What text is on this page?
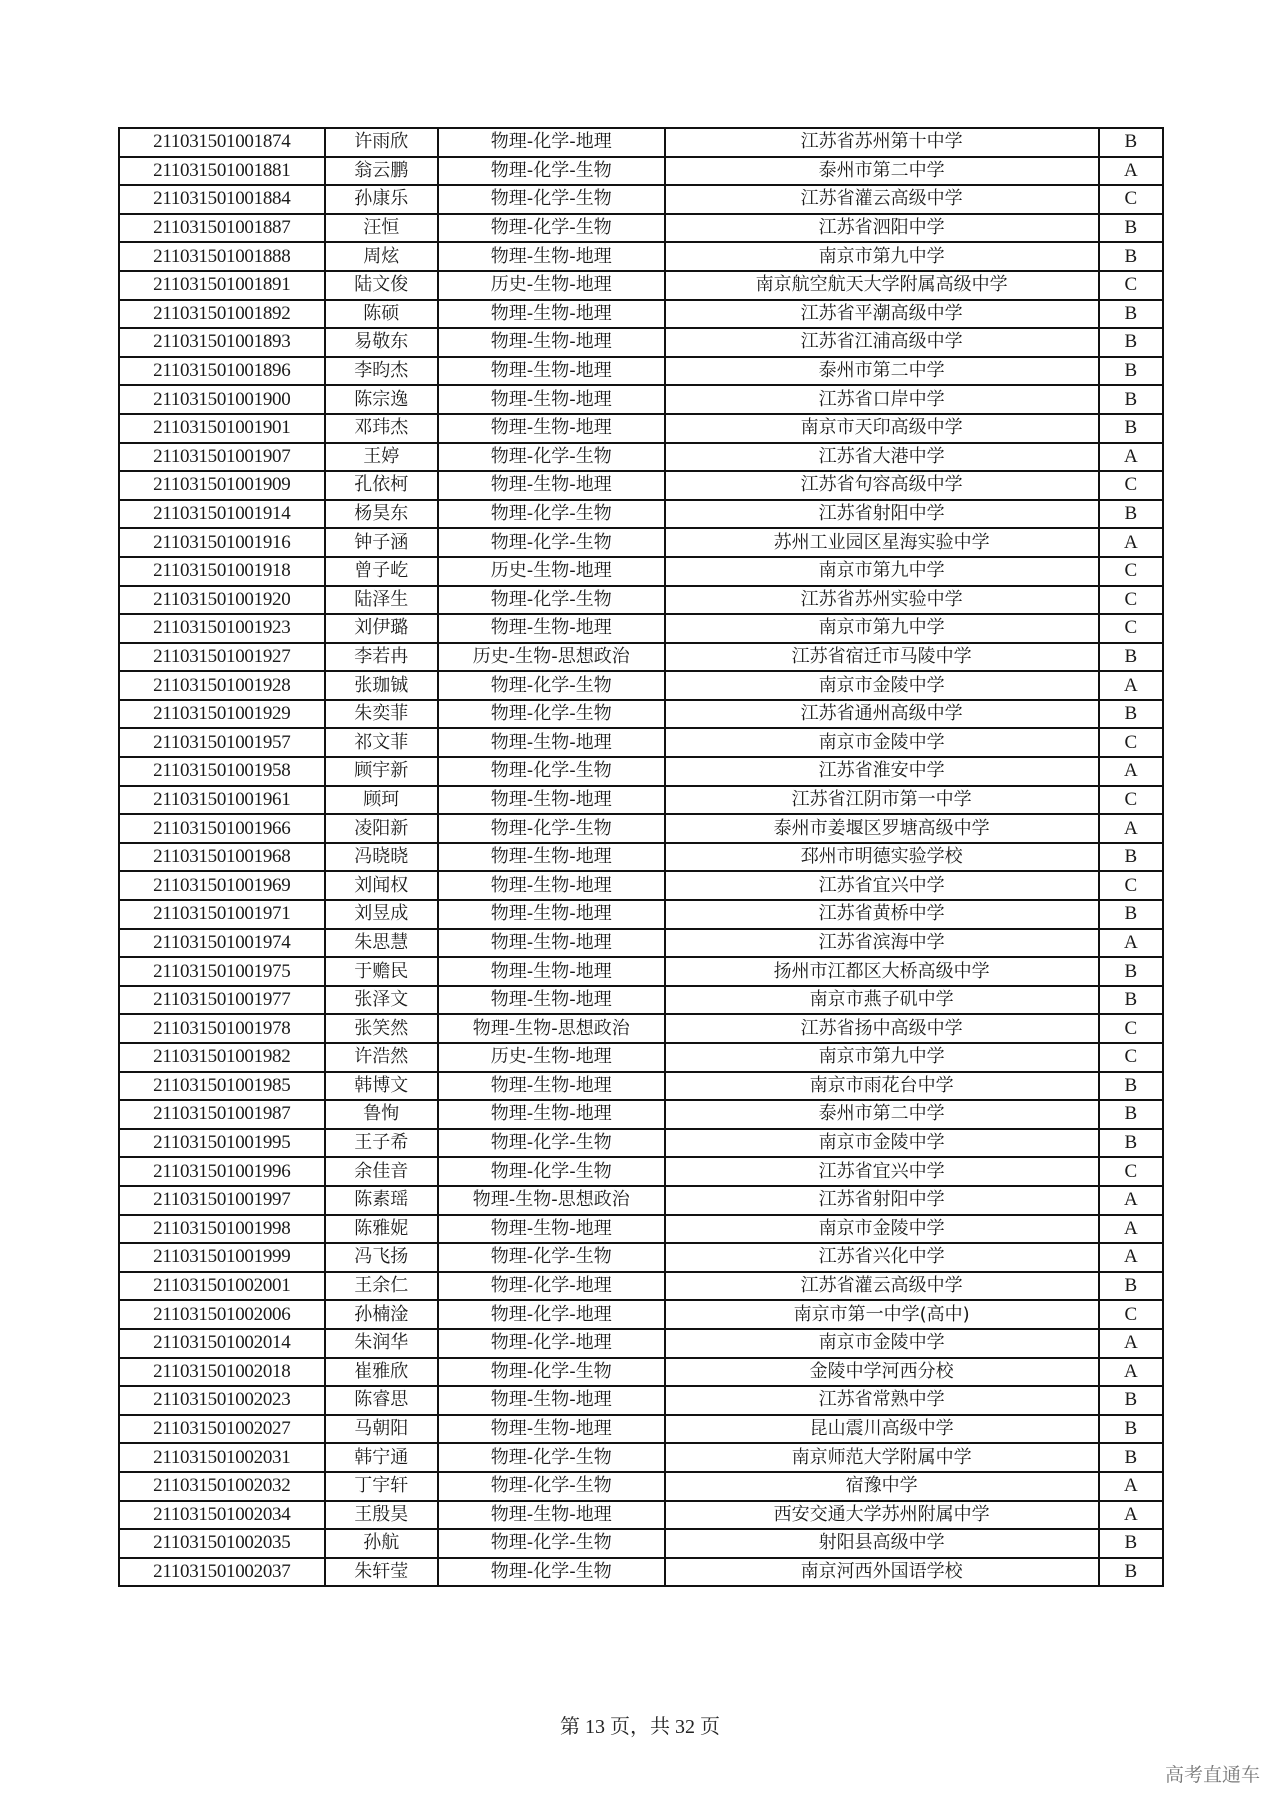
211031501001874	许雨欣	物理-化学-地理	江苏省苏州第十中学	B
211031501001881	翁云鹏	物理-化学-生物	泰州市第二中学	A
211031501001884	孙康乐	物理-化学-生物	江苏省灌云高级中学	C
211031501001887	汪恒	物理-化学-生物	江苏省泗阳中学	B
211031501001888	周炫	物理-生物-地理	南京市第九中学	B
211031501001891	陆文俊	历史-生物-地理	南京航空航天大学附属高级中学	C
211031501001892	陈硕	物理-生物-地理	江苏省平潮高级中学	B
211031501001893	易敬东	物理-生物-地理	江苏省江浦高级中学	B
211031501001896	李昀杰	物理-生物-地理	泰州市第二中学	B
211031501001900	陈宗逸	物理-生物-地理	江苏省口岸中学	B
211031501001901	邓玮杰	物理-生物-地理	南京市天印高级中学	B
211031501001907	王婷	物理-化学-生物	江苏省大港中学	A
211031501001909	孔依柯	物理-生物-地理	江苏省句容高级中学	C
211031501001914	杨昊东	物理-化学-生物	江苏省射阳中学	B
211031501001916	钟子涵	物理-化学-生物	苏州工业园区星海实验中学	A
211031501001918	曾子屹	历史-生物-地理	南京市第九中学	C
211031501001920	陆泽生	物理-化学-生物	江苏省苏州实验中学	C
211031501001923	刘伊璐	物理-生物-地理	南京市第九中学	C
211031501001927	李若冉	历史-生物-思想政治	江苏省宿迁市马陵中学	B
211031501001928	张珈铖	物理-化学-生物	南京市金陵中学	A
211031501001929	朱奕菲	物理-化学-生物	江苏省通州高级中学	B
211031501001957	祁文菲	物理-生物-地理	南京市金陵中学	C
211031501001958	顾宇新	物理-化学-生物	江苏省淮安中学	A
211031501001961	顾珂	物理-生物-地理	江苏省江阴市第一中学	C
211031501001966	凌阳新	物理-化学-生物	泰州市姜堰区罗塘高级中学	A
211031501001968	冯晓晓	物理-生物-地理	邳州市明德实验学校	B
211031501001969	刘闻权	物理-生物-地理	江苏省宜兴中学	C
211031501001971	刘昱成	物理-生物-地理	江苏省黄桥中学	B
211031501001974	朱思慧	物理-生物-地理	江苏省滨海中学	A
211031501001975	于赡民	物理-生物-地理	扬州市江都区大桥高级中学	B
211031501001977	张泽文	物理-生物-地理	南京市燕子矶中学	B
211031501001978	张笑然	物理-生物-思想政治	江苏省扬中高级中学	C
211031501001982	许浩然	历史-生物-地理	南京市第九中学	C
211031501001985	韩博文	物理-生物-地理	南京市雨花台中学	B
211031501001987	鲁恂	物理-生物-地理	泰州市第二中学	B
211031501001995	王子希	物理-化学-生物	南京市金陵中学	B
211031501001996	余佳音	物理-化学-生物	江苏省宜兴中学	C
211031501001997	陈素瑶	物理-生物-思想政治	江苏省射阳中学	A
211031501001998	陈雅妮	物理-生物-地理	南京市金陵中学	A
211031501001999	冯飞扬	物理-化学-生物	江苏省兴化中学	A
211031501002001	王余仁	物理-化学-地理	江苏省灌云高级中学	B
211031501002006	孙楠淦	物理-化学-地理	南京市第一中学(高中)	C
211031501002014	朱润华	物理-化学-地理	南京市金陵中学	A
211031501002018	崔雅欣	物理-化学-生物	金陵中学河西分校	A
211031501002023	陈睿思	物理-生物-地理	江苏省常熟中学	B
211031501002027	马朝阳	物理-生物-地理	昆山震川高级中学	B
211031501002031	韩宁通	物理-化学-生物	南京师范大学附属中学	B
211031501002032	丁宇轩	物理-化学-生物	宿豫中学	A
211031501002034	王殷昊	物理-生物-地理	西安交通大学苏州附属中学	A
211031501002035	孙航	物理-化学-生物	射阳县高级中学	B
211031501002037	朱轩莹	物理-化学-生物	南京河西外国语学校	B
第 13 页，共 32 页
高考直通车
